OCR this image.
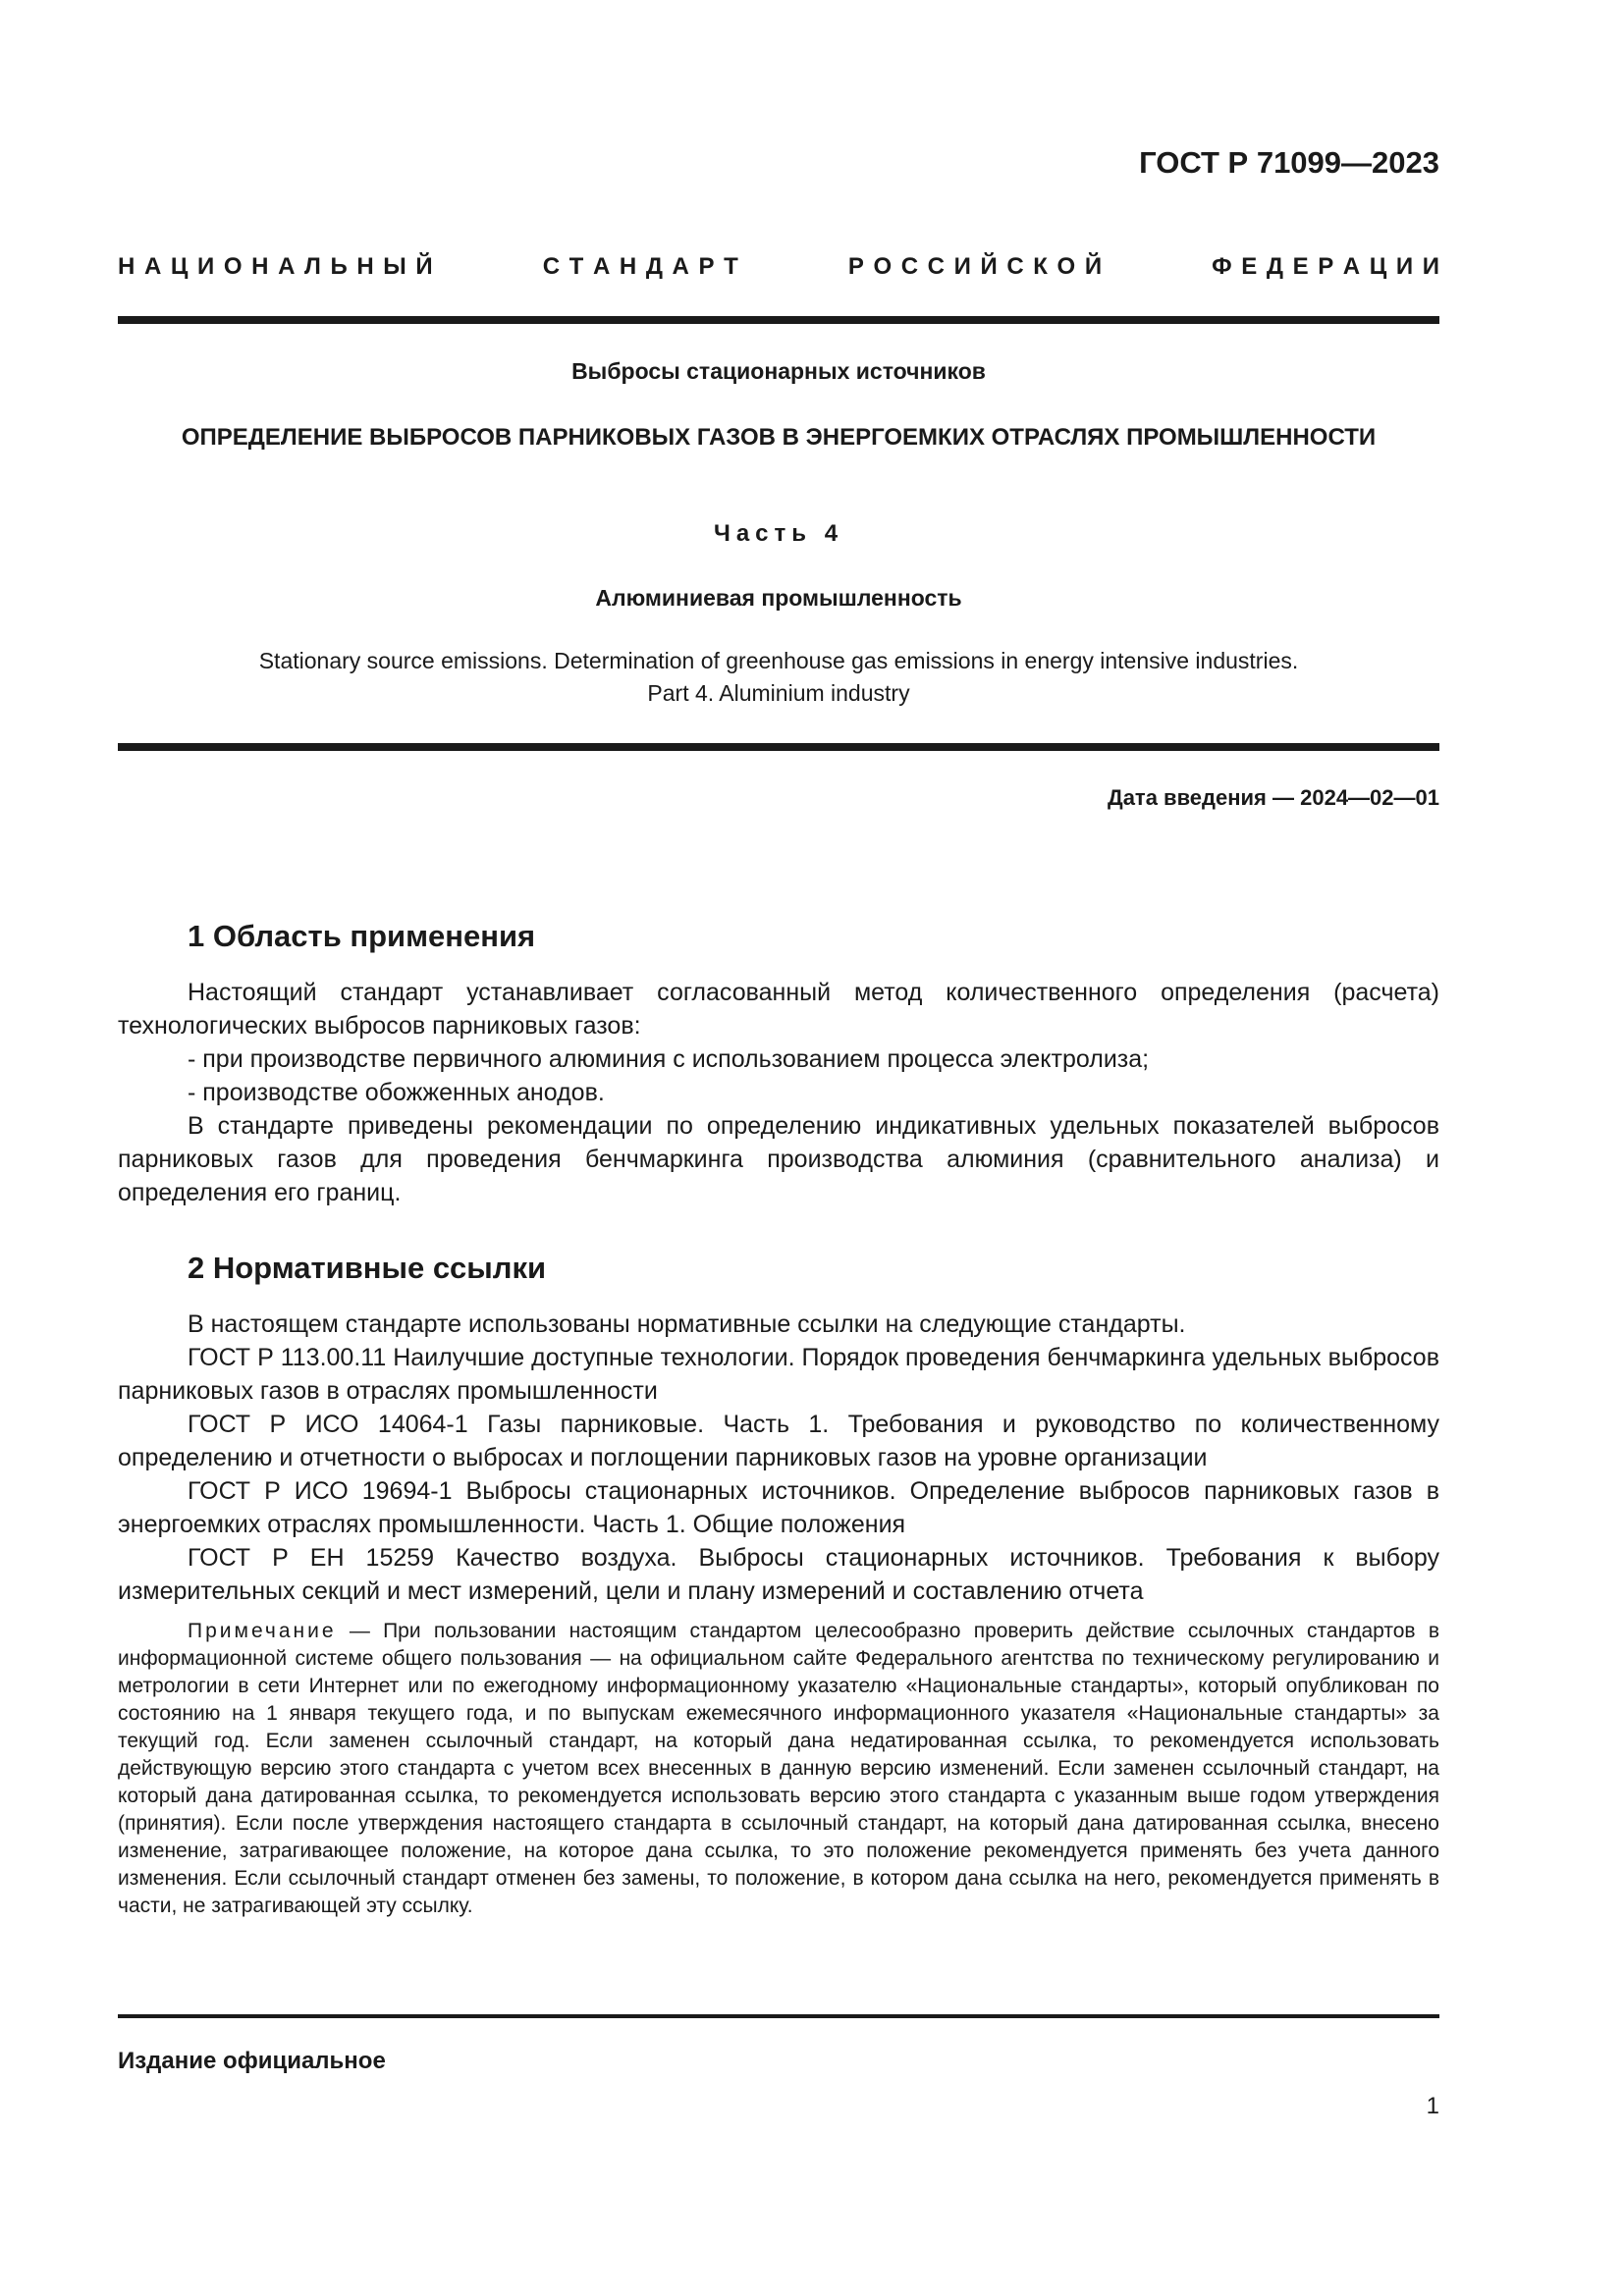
ГОСТ Р 71099—2023
Н  А  Ц  И  О  Н  А  Л  Ь  Н  Ы  Й	С  Т  А  Н  Д  А  Р  Т	Р  О  С  С  И  Й  С  К  О  Й	Ф  Е  Д  Е  Р  А  Ц  И  И
Выбросы стационарных источников
ОПРЕДЕЛЕНИЕ ВЫБРОСОВ ПАРНИКОВЫХ ГАЗОВ В ЭНЕРГОЕМКИХ ОТРАСЛЯХ ПРОМЫШЛЕННОСТИ
Часть 4
Алюминиевая промышленность
Stationary source emissions. Determination of greenhouse gas emissions in energy intensive industries.
Part 4. Aluminium industry
Дата введения — 2024—02—01
1 Область применения

Настоящий стандарт устанавливает согласованный метод количественного определения (расчета) технологических выбросов парниковых газов:

- при производстве первичного алюминия с использованием процесса электролиза;

- производстве обожженных анодов.

В стандарте приведены рекомендации по определению индикативных удельных показателей выбросов парниковых газов для проведения бенчмаркинга производства алюминия (сравнительного анализа) и определения его границ.

2 Нормативные ссылки

В настоящем стандарте использованы нормативные ссылки на следующие стандарты.

ГОСТ Р 113.00.11 Наилучшие доступные технологии. Порядок проведения бенчмаркинга удельных выбросов парниковых газов в отраслях промышленности

ГОСТ Р ИСО 14064-1 Газы парниковые. Часть 1. Требования и руководство по количественному определению и отчетности о выбросах и поглощении парниковых газов на уровне организации

ГОСТ Р ИСО 19694-1 Выбросы стационарных источников. Определение выбросов парниковых газов в энергоемких отраслях промышленности. Часть 1. Общие положения

ГОСТ Р ЕН 15259 Качество воздуха. Выбросы стационарных источников. Требования к выбору измерительных секций и мест измерений, цели и плану измерений и составлению отчета

Примечание — При пользовании настоящим стандартом целесообразно проверить действие ссылочных стандартов в информационной системе общего пользования — на официальном сайте Федерального агентства по техническому регулированию и метрологии в сети Интернет или по ежегодному информационному указателю «Национальные стандарты», который опубликован по состоянию на 1 января текущего года, и по выпускам ежемесячного информационного указателя «Национальные стандарты» за текущий год. Если заменен ссылочный стандарт, на который дана недатированная ссылка, то рекомендуется использовать действующую версию этого стандарта с учетом всех внесенных в данную версию изменений. Если заменен ссылочный стандарт, на который дана датированная ссылка, то рекомендуется использовать версию этого стандарта с указанным выше годом утверждения (принятия). Если после утверждения настоящего стандарта в ссылочный стандарт, на который дана датированная ссылка, внесено изменение, затрагивающее положение, на которое дана ссылка, то это положение рекомендуется применять без учета данного изменения. Если ссылочный стандарт отменен без замены, то положение, в котором дана ссылка на него, рекомендуется применять в части, не затрагивающей эту ссылку.
Издание официальное
1
